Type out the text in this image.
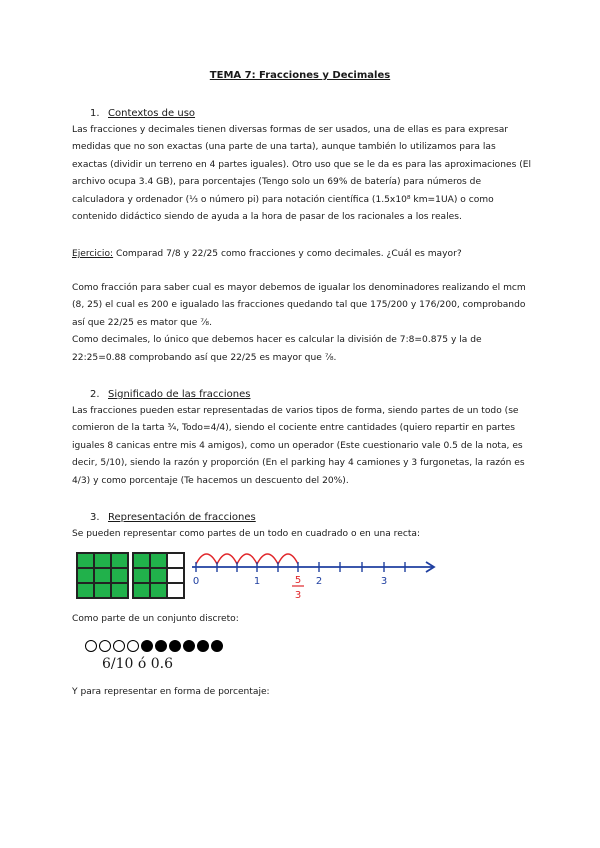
TEMA 7: Fracciones y Decimales
1. Contextos de uso

Las fracciones y decimales tienen diversas formas de ser usados, una de ellas es para expresar medidas que no son exactas (una parte de una tarta), aunque también lo utilizamos para las exactas (dividir un terreno en 4 partes iguales). Otro uso que se le da es para las aproximaciones (El archivo ocupa 3.4 GB), para porcentajes (Tengo solo un 69% de batería) para números de calculadora y ordenador (⅓ o número pi) para notación científica (1.5x10⁸ km=1UA) o como contenido didáctico siendo de ayuda a la hora de pasar de los racionales a los reales.

Ejercicio: Comparad 7/8 y 22/25 como fracciones y como decimales. ¿Cuál es mayor?

Como fracción para saber cual es mayor debemos de igualar los denominadores realizando el mcm (8, 25) el cual es 200 e igualado las fracciones quedando tal que 175/200 y 176/200, comprobando así que 22/25 es mator que ⅞.

Como decimales, lo único que debemos hacer es calcular la división de 7:8=0.875 y la de 22:25=0.88 comprobando así que 22/25 es mayor que ⅞.

2. Significado de las fracciones

Las fracciones pueden estar representadas de varios tipos de forma, siendo partes de un todo (se comieron de la tarta ¾, Todo=4/4), siendo el cociente entre cantidades (quiero repartir en partes iguales 8 canicas entre mis 4 amigos), como un operador (Este cuestionario vale 0.5 de la nota, es decir, 5/10), siendo la razón y proporción (En el parking hay 4 camiones y 3 furgonetas, la razón es 4/3) y como porcentaje (Te hacemos un descuento del 20%).

3. Representación de fracciones

Se pueden representar como partes de un todo en cuadrado o en una recta:

0	1	2	3
5
3

Como parte de un conjunto discreto:

6/10 ó 0.6

Y para representar en forma de porcentaje:
